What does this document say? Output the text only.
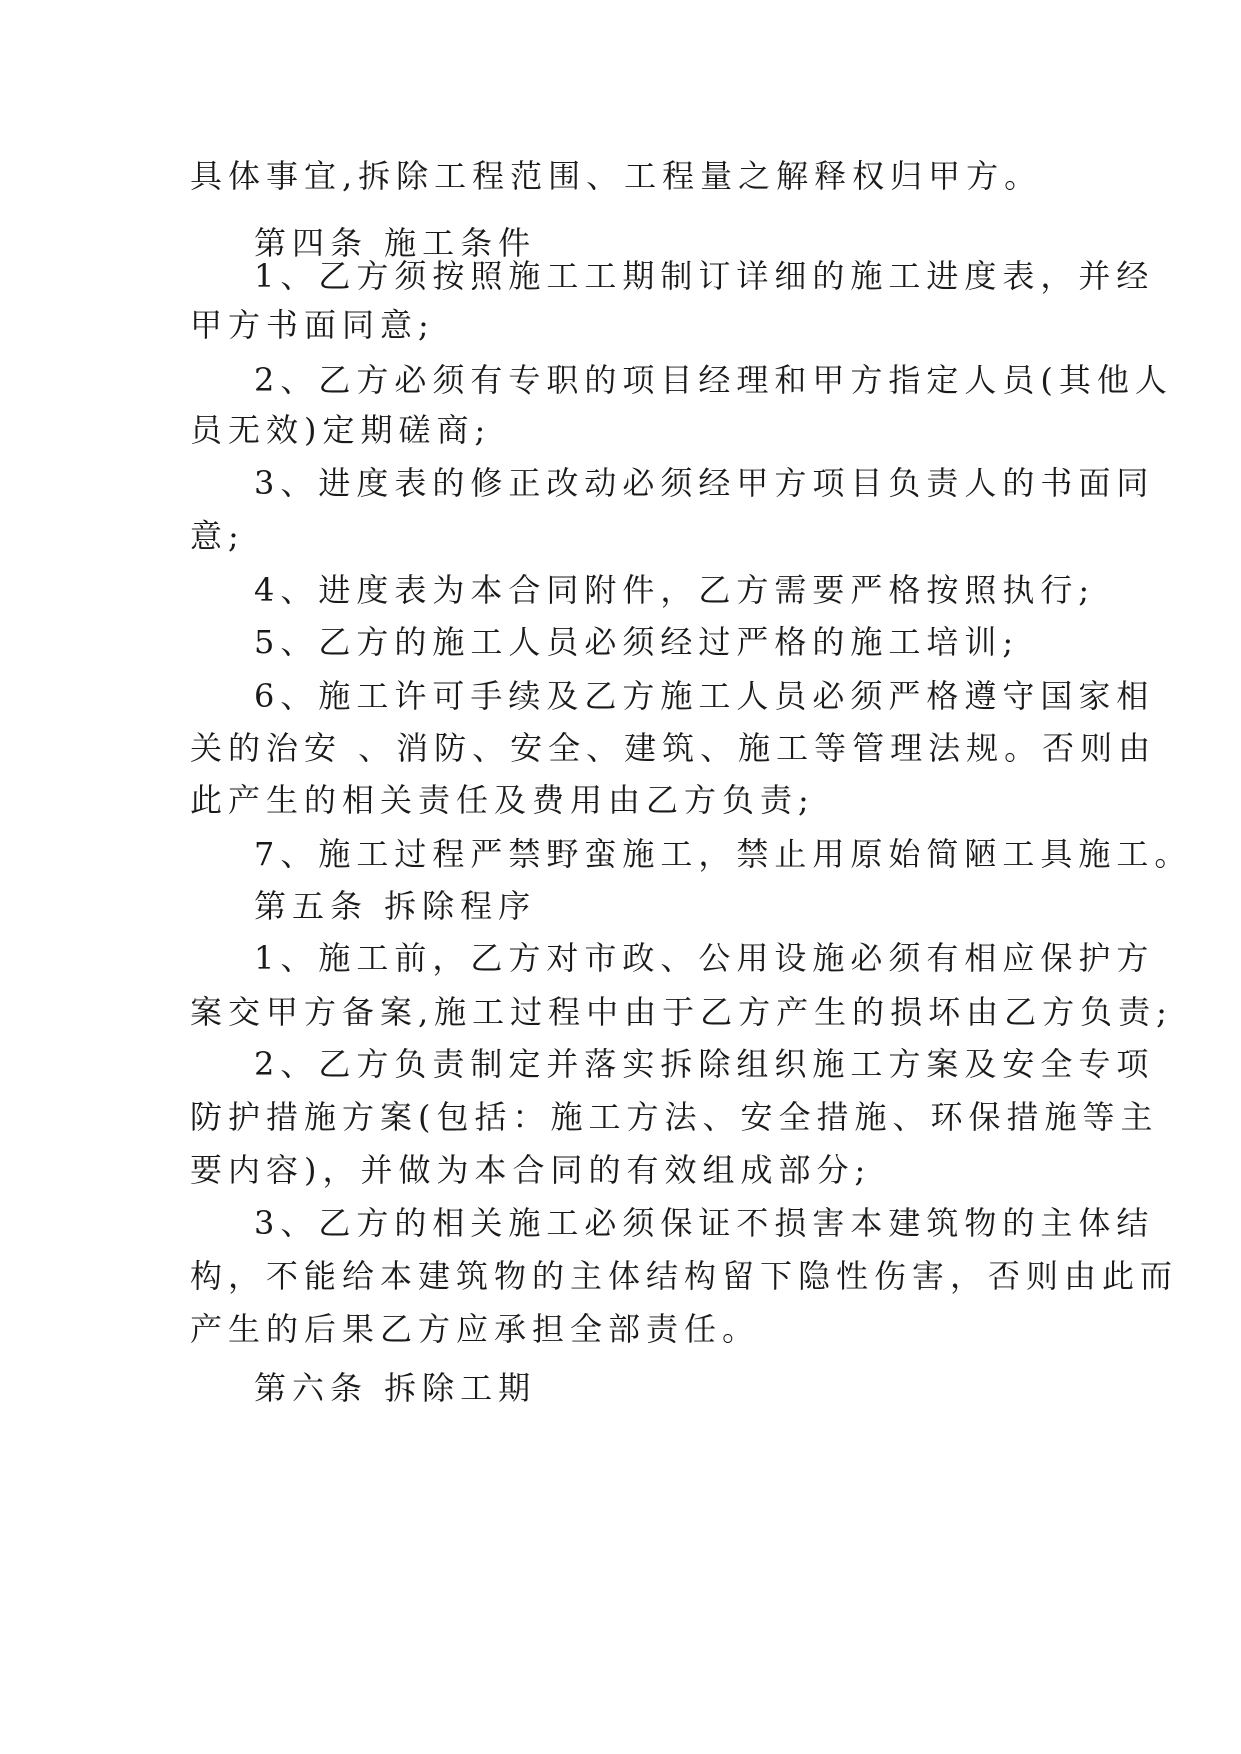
具体事宜,拆除工程范围、工程量之解释权归甲方。
第四条 施工条件
1、乙方须按照施工工期制订详细的施工进度表，并经
甲方书面同意;
2、乙方必须有专职的项目经理和甲方指定人员(其他人
员无效)定期磋商;
3、进度表的修正改动必须经甲方项目负责人的书面同
意;
4、进度表为本合同附件，乙方需要严格按照执行;
5、乙方的施工人员必须经过严格的施工培训;
6、施工许可手续及乙方施工人员必须严格遵守国家相
关的治安 、消防、安全、建筑、施工等管理法规。否则由
此产生的相关责任及费用由乙方负责;
7、施工过程严禁野蛮施工，禁止用原始简陋工具施工。
第五条 拆除程序
1、施工前，乙方对市政、公用设施必须有相应保护方
案交甲方备案,施工过程中由于乙方产生的损坏由乙方负责;
2、乙方负责制定并落实拆除组织施工方案及安全专项
防护措施方案(包括：施工方法、安全措施、环保措施等主
要内容)，并做为本合同的有效组成部分;
3、乙方的相关施工必须保证不损害本建筑物的主体结
构，不能给本建筑物的主体结构留下隐性伤害，否则由此而
产生的后果乙方应承担全部责任。
第六条 拆除工期
